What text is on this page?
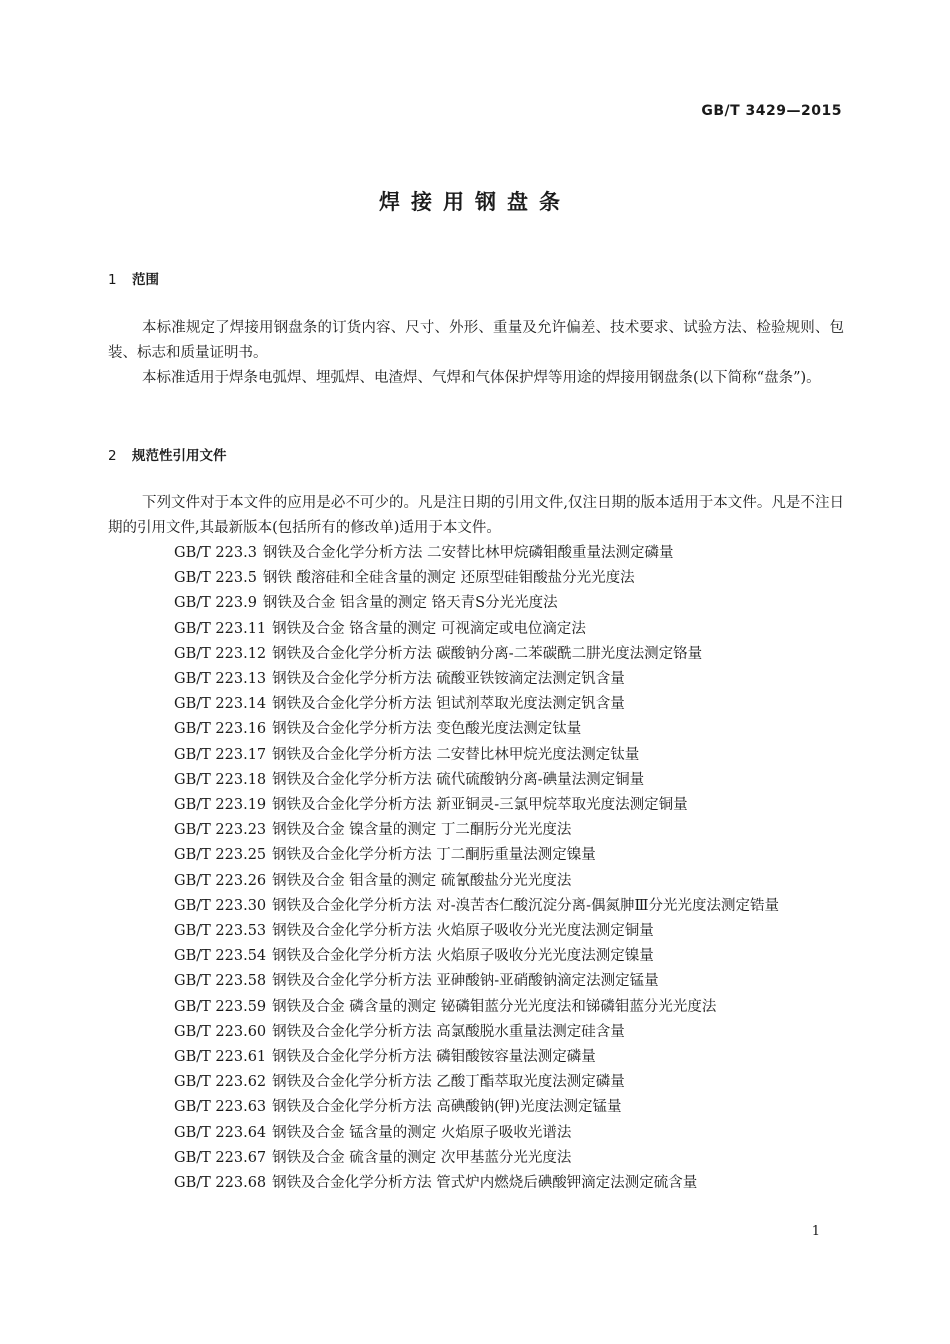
GB/T 3429—2015
焊接用钢盘条
1 范围

本标准规定了焊接用钢盘条的订货内容、尺寸、外形、重量及允许偏差、技术要求、试验方法、检验规则、包装、标志和质量证明书。

本标准适用于焊条电弧焊、埋弧焊、电渣焊、气焊和气体保护焊等用途的焊接用钢盘条(以下简称“盘条”)。

2 规范性引用文件

下列文件对于本文件的应用是必不可少的。凡是注日期的引用文件,仅注日期的版本适用于本文件。凡是不注日期的引用文件,其最新版本(包括所有的修改单)适用于本文件。

GB/T 223.3 钢铁及合金化学分析方法 二安替比林甲烷磷钼酸重量法测定磷量
GB/T 223.5 钢铁 酸溶硅和全硅含量的测定 还原型硅钼酸盐分光光度法
GB/T 223.9 钢铁及合金 铝含量的测定 铬天青S分光光度法
GB/T 223.11 钢铁及合金 铬含量的测定 可视滴定或电位滴定法
GB/T 223.12 钢铁及合金化学分析方法 碳酸钠分离-二苯碳酰二肼光度法测定铬量
GB/T 223.13 钢铁及合金化学分析方法 硫酸亚铁铵滴定法测定钒含量
GB/T 223.14 钢铁及合金化学分析方法 钽试剂萃取光度法测定钒含量
GB/T 223.16 钢铁及合金化学分析方法 变色酸光度法测定钛量
GB/T 223.17 钢铁及合金化学分析方法 二安替比林甲烷光度法测定钛量
GB/T 223.18 钢铁及合金化学分析方法 硫代硫酸钠分离-碘量法测定铜量
GB/T 223.19 钢铁及合金化学分析方法 新亚铜灵-三氯甲烷萃取光度法测定铜量
GB/T 223.23 钢铁及合金 镍含量的测定 丁二酮肟分光光度法
GB/T 223.25 钢铁及合金化学分析方法 丁二酮肟重量法测定镍量
GB/T 223.26 钢铁及合金 钼含量的测定 硫氰酸盐分光光度法
GB/T 223.30 钢铁及合金化学分析方法 对-溴苦杏仁酸沉淀分离-偶氮胂Ⅲ分光光度法测定锆量
GB/T 223.53 钢铁及合金化学分析方法 火焰原子吸收分光光度法测定铜量
GB/T 223.54 钢铁及合金化学分析方法 火焰原子吸收分光光度法测定镍量
GB/T 223.58 钢铁及合金化学分析方法 亚砷酸钠-亚硝酸钠滴定法测定锰量
GB/T 223.59 钢铁及合金 磷含量的测定 铋磷钼蓝分光光度法和锑磷钼蓝分光光度法
GB/T 223.60 钢铁及合金化学分析方法 高氯酸脱水重量法测定硅含量
GB/T 223.61 钢铁及合金化学分析方法 磷钼酸铵容量法测定磷量
GB/T 223.62 钢铁及合金化学分析方法 乙酸丁酯萃取光度法测定磷量
GB/T 223.63 钢铁及合金化学分析方法 高碘酸钠(钾)光度法测定锰量
GB/T 223.64 钢铁及合金 锰含量的测定 火焰原子吸收光谱法
GB/T 223.67 钢铁及合金 硫含量的测定 次甲基蓝分光光度法
GB/T 223.68 钢铁及合金化学分析方法 管式炉内燃烧后碘酸钾滴定法测定硫含量
1
